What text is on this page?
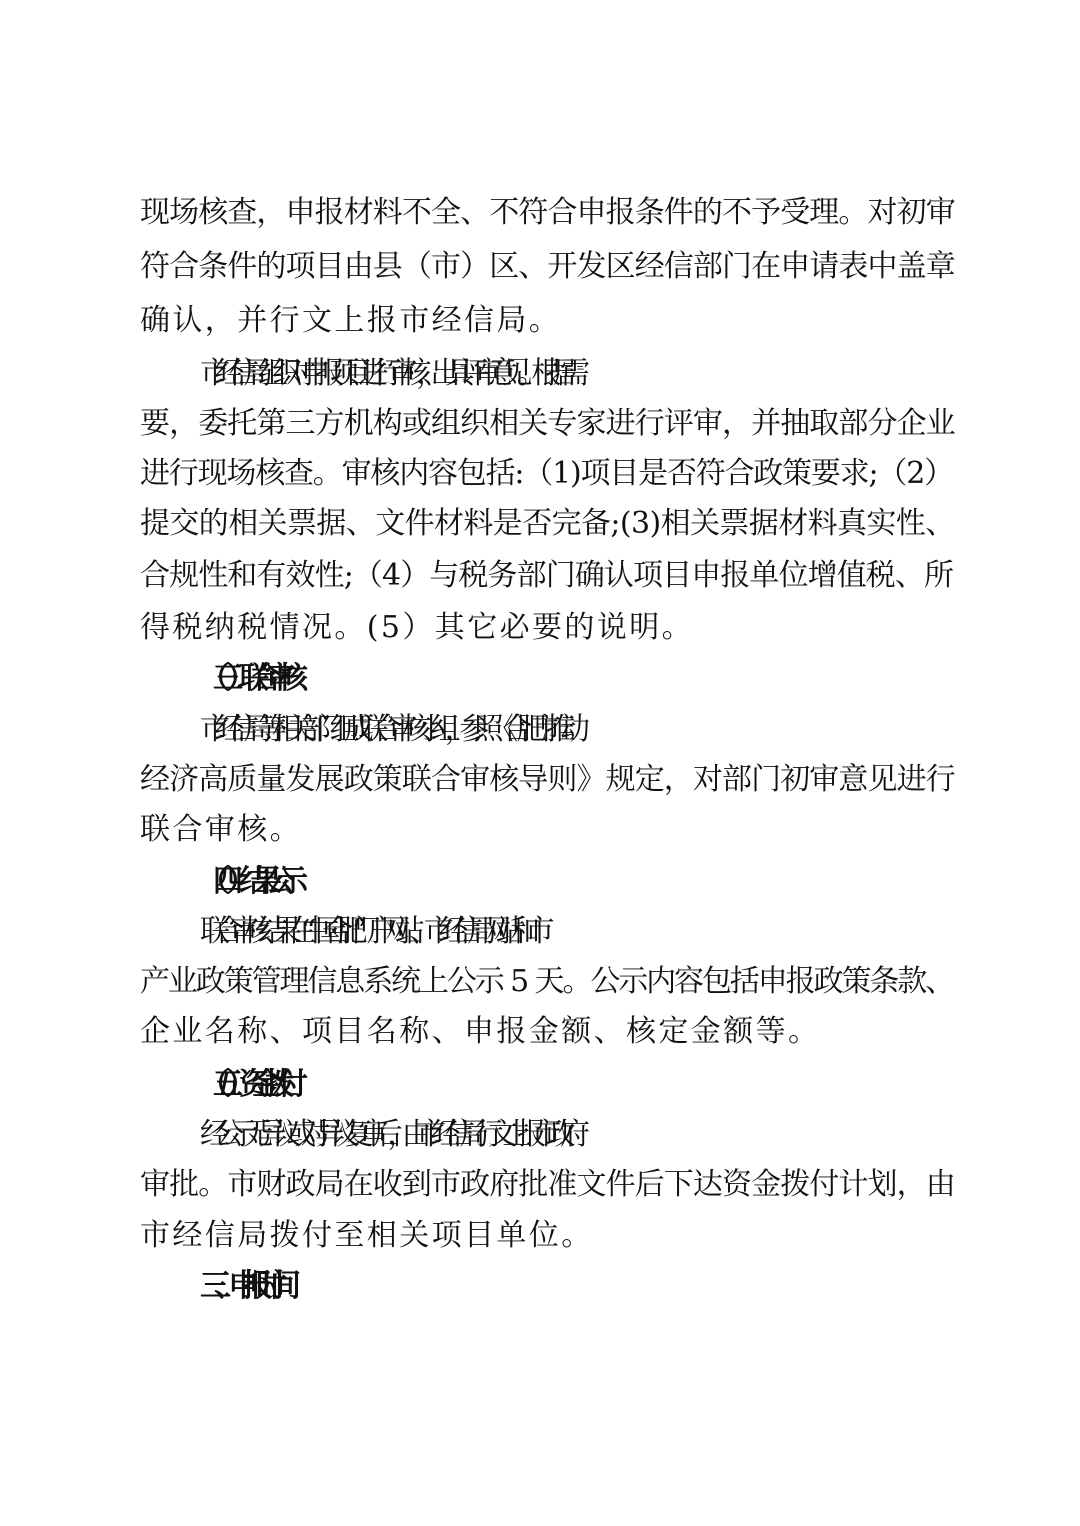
现场核查，申报材料不全、不符合申报条件的不予受理。对初审
符合条件的项目由县（市）区、开发区经信部门在申请表中盖章
确认，并行文上报市经信局。
市经信局组织对申报项目进行审核，出具评审意见。根据需
要，委托第三方机构或组织相关专家进行评审，并抽取部分企业
进行现场核查。审核内容包括:（1)项目是否符合政策要求;（2）
提交的相关票据、文件材料是否完备;(3)相关票据材料真实性、
合规性和有效性;（4）与税务部门确认项目申报单位增值税、所
得税纳税情况。(5）其它必要的说明。
（三）联合审核
市经信局等相关部门组成联合审核小组，参照《合肥市推动
经济高质量发展政策联合审核导则》规定，对部门初审意见进行
联合审核。
（四）结果公示
联合审核结果在“中国·合肥”门户网站、市经信局网站和市
产业政策管理信息系统上公示 5 天。公示内容包括申报政策条款、
企业名称、项目名称、申报金额、核定金额等。
（五）资金拨付
经公示无异议或对异议复审后，由市经信局行文上报市政府
审批。市财政局在收到市政府批准文件后下达资金拨付计划，由
市经信局拨付至相关项目单位。
三、申报时间
